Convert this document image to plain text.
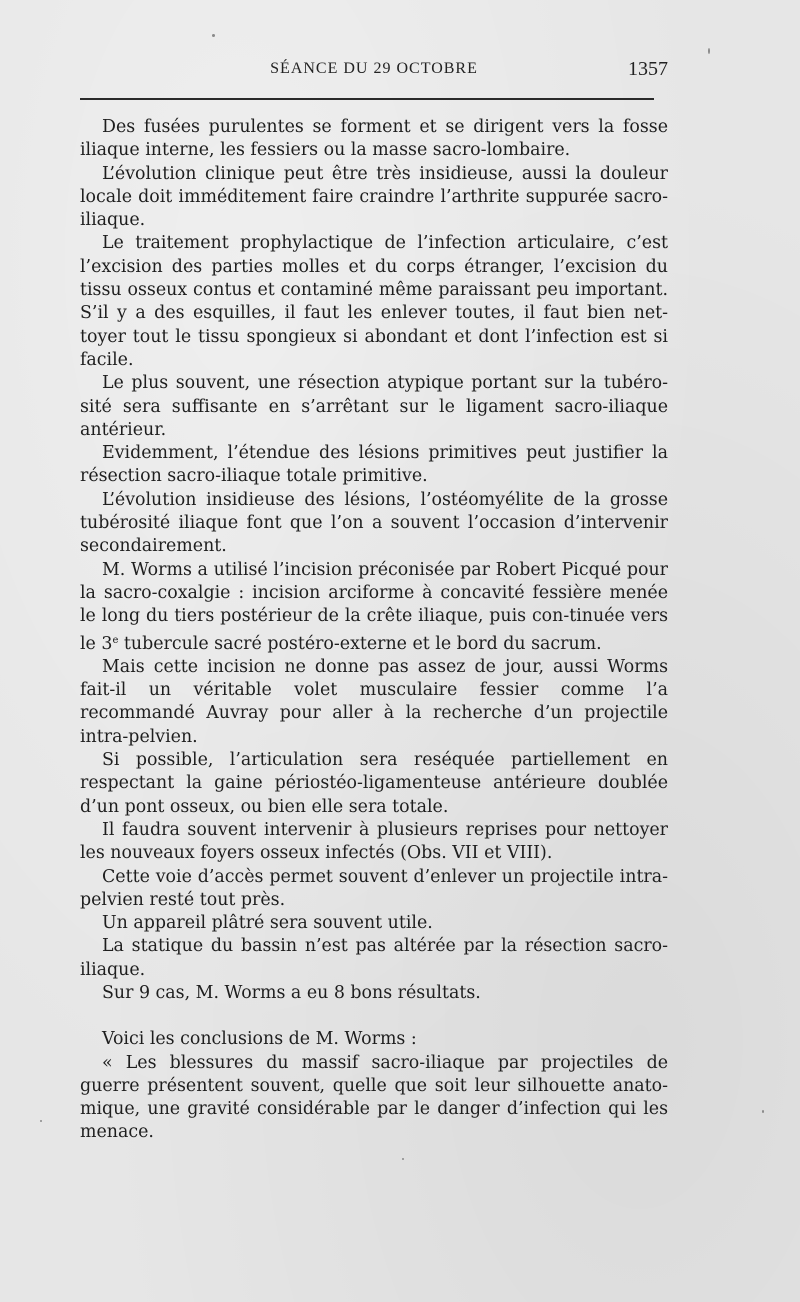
SÉANCE DU 29 OCTOBRE	1357

Des fusées purulentes se forment et se dirigent vers la fosse iliaque interne, les fessiers ou la masse sacro-lombaire.

L’évolution clinique peut être très insidieuse, aussi la douleur locale doit imméditement faire craindre l’arthrite suppurée sacro-iliaque.

Le traitement prophylactique de l’infection articulaire, c’est l’excision des parties molles et du corps étranger, l’excision du tissu osseux contus et contaminé même paraissant peu important. S’il y a des esquilles, il faut les enlever toutes, il faut bien net-toyer tout le tissu spongieux si abondant et dont l’infection est si facile.

Le plus souvent, une résection atypique portant sur la tubéro-sité sera suffisante en s’arrêtant sur le ligament sacro-iliaque antérieur.

Evidemment, l’étendue des lésions primitives peut justifier la résection sacro-iliaque totale primitive.

L’évolution insidieuse des lésions, l’ostéomyélite de la grosse tubérosité iliaque font que l’on a souvent l’occasion d’intervenir secondairement.

M. Worms a utilisé l’incision préconisée par Robert Picqué pour la sacro-coxalgie : incision arciforme à concavité fessière menée le long du tiers postérieur de la crête iliaque, puis con-tinuée vers le 3e tubercule sacré postéro-externe et le bord du sacrum.

Mais cette incision ne donne pas assez de jour, aussi Worms fait-il un véritable volet musculaire fessier comme l’a recommandé Auvray pour aller à la recherche d’un projectile intra-pelvien.

Si possible, l’articulation sera reséquée partiellement en respectant la gaine périostéo-ligamenteuse antérieure doublée d’un pont osseux, ou bien elle sera totale.

Il faudra souvent intervenir à plusieurs reprises pour nettoyer les nouveaux foyers osseux infectés (Obs. VII et VIII).

Cette voie d’accès permet souvent d’enlever un projectile intra-pelvien resté tout près.

Un appareil plâtré sera souvent utile.

La statique du bassin n’est pas altérée par la résection sacro-iliaque.

Sur 9 cas, M. Worms a eu 8 bons résultats.

Voici les conclusions de M. Worms :

« Les blessures du massif sacro-iliaque par projectiles de guerre présentent souvent, quelle que soit leur silhouette anato-mique, une gravité considérable par le danger d’infection qui les menace.
